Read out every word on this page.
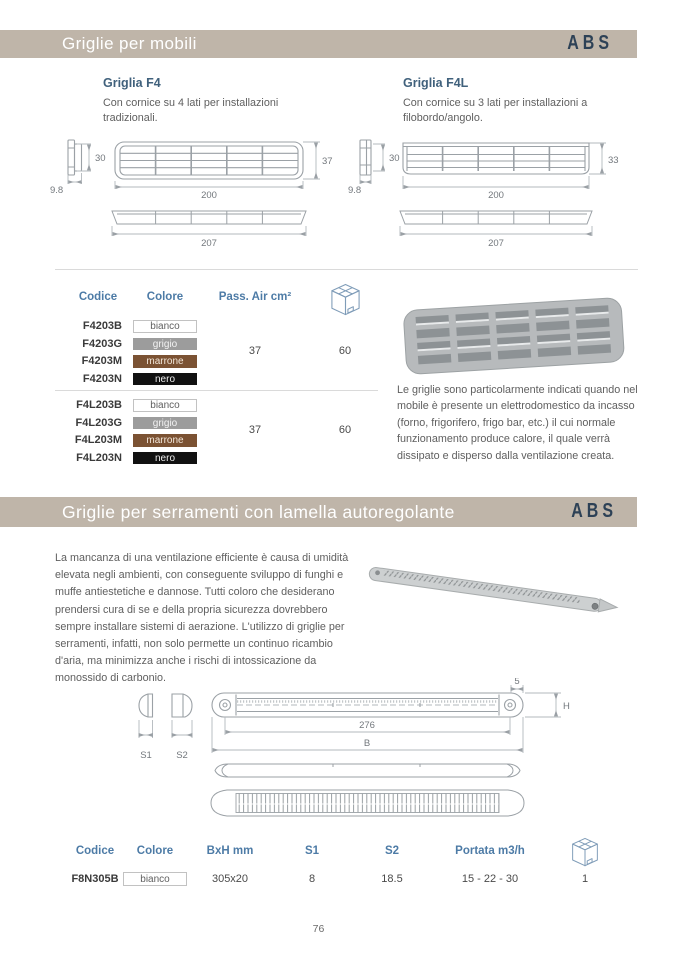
Griglie per mobili	ABS
Griglia F4

Con cornice su 4 lati per installazioni tradizionali.

Griglia F4L

Con cornice su 3 lati per installazioni a filobordo/angolo.

30
9.8
37
200
207
30
9.8
33
200
207
Codice	Colore	Pass. Air cm²
F4203B	bianco
F4203G	grigio
F4203M	marrone
F4203N	nero
37	60
F4L203B	bianco
F4L203G	grigio
F4L203M	marrone
F4L203N	nero
37	60

Le griglie sono particolarmente indicati quando nel mobile è presente un elettrodomestico da incasso (forno, frigorifero, frigo bar, etc.) il cui normale funzionamento produce calore, il quale verrà dissipato e disperso dalla ventilazione creata.

Griglie per serramenti con lamella autoregolante	ABS

La mancanza di una ventilazione efficiente è causa di umidità elevata negli ambienti, con conseguente sviluppo di funghi e muffe antiestetiche e dannose. Tutti coloro che desiderano prendersi cura di se e della propria sicurezza dovrebbero sempre installare sistemi di aerazione. L'utilizzo di griglie per serramenti, infatti, non solo permette un continuo ricambio d'aria, ma minimizza anche i rischi di intossicazione da monossido di carbonio.	5
H
276
B
S1	S2
Codice	Colore	BxH mm	S1	S2	Portata m3/h
F8N305B	bianco	305x20	8	18.5	15 - 22 - 30	1
76
